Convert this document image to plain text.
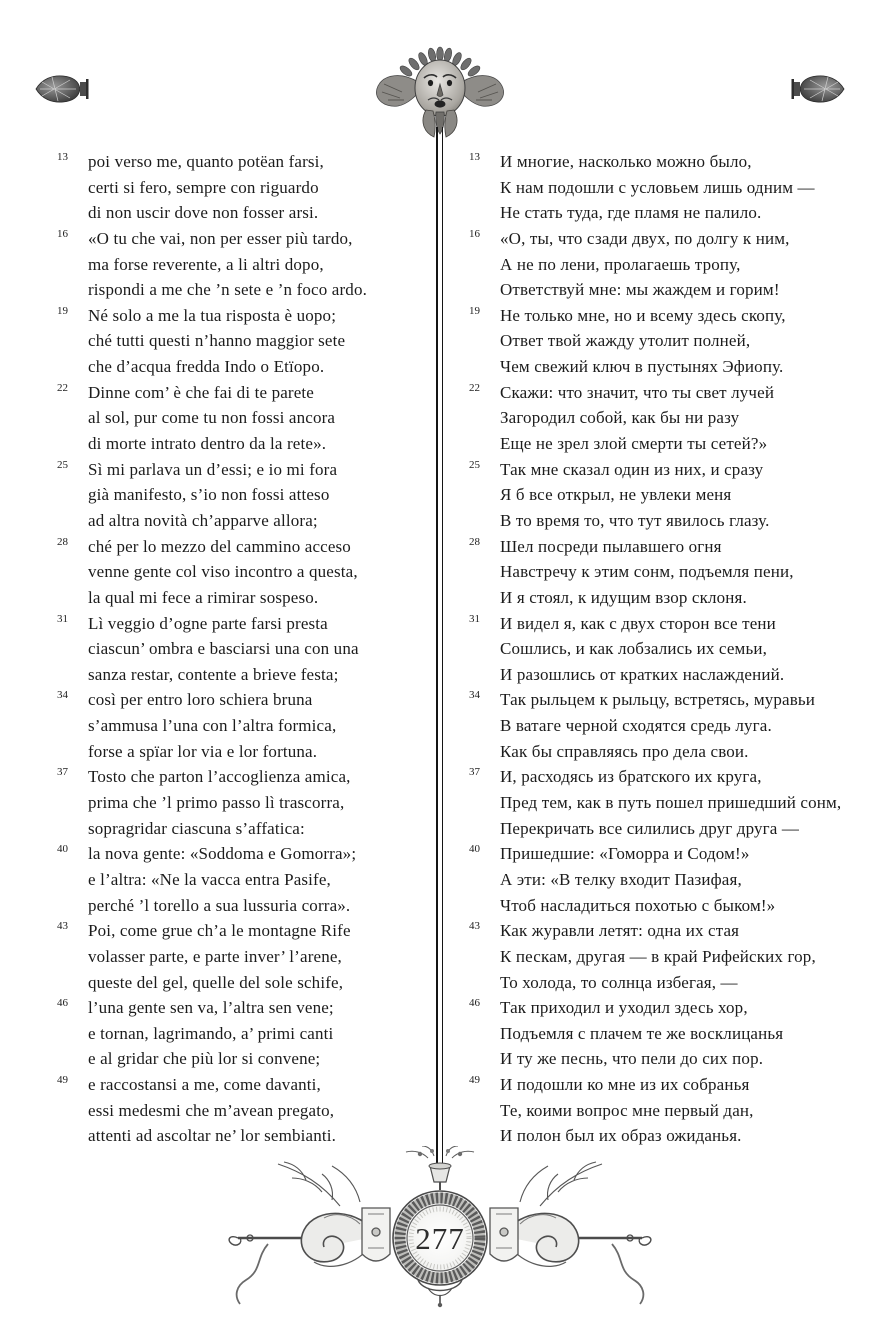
13 poi verso me, quanto potëan farsi,
certi si fero, sempre con riguardo
di non uscir dove non fosser arsi.
16 «O tu che vai, non per esser più tardo,
ma forse reverente, a li altri dopo,
rispondi a me che ’n sete e ’n foco ardo.
19 Né solo a me la tua risposta è uopo;
ché tutti questi n’hanno maggior sete
che d’acqua fredda Indo o Etïopo.
22 Dinne com’ è che fai di te parete
al sol, pur come tu non fossi ancora
di morte intrato dentro da la rete».
25 Sì mi parlava un d’essi; e io mi fora
già manifesto, s’io non fossi atteso
ad altra novità ch’apparve allora;
28 ché per lo mezzo del cammino acceso
venne gente col viso incontro a questa,
la qual mi fece a rimirar sospeso.
31 Lì veggio d’ogne parte farsi presta
ciascun’ ombra e basciarsi una con una
sanza restar, contente a brieve festa;
34 così per entro loro schiera bruna
s’ammusa l’una con l’altra formica,
forse a spïar lor via e lor fortuna.
37 Tosto che parton l’accoglienza amica,
prima che ’l primo passo lì trascorra,
sopragridar ciascuna s’affatica:
40 la nova gente: «Soddoma e Gomorra»;
e l’altra: «Ne la vacca entra Pasife,
perché ’l torello a sua lussuria corra».
43 Poi, come grue ch’a le montagne Rife
volasser parte, e parte inver’ l’arene,
queste del gel, quelle del sole schife,
46 l’una gente sen va, l’altra sen vene;
e tornan, lagrimando, a’ primi canti
e al gridar che più lor si convene;
49 e raccostansi a me, come davanti,
essi medesmi che m’avean pregato,
attenti ad ascoltar ne’ lor sembianti.
13 И многие, насколько можно было,
К нам подошли с условьем лишь одним —
Не стать туда, где пламя не палило.
16 «О, ты, что сзади двух, по долгу к ним,
А не по лени, пролагаешь тропу,
Ответствуй мне: мы жаждем и горим!
19 Не только мне, но и всему здесь скопу,
Ответ твой жажду утолит полней,
Чем свежий ключ в пустынях Эфиопу.
22 Скажи: что значит, что ты свет лучей
Загородил собой, как бы ни разу
Еще не зрел злой смерти ты сетей?»
25 Так мне сказал один из них, и сразу
Я б все открыл, не увлеки меня
В то время то, что тут явилось глазу.
28 Шел посреди пылавшего огня
Навстречу к этим сонм, подъемля пени,
И я стоял, к идущим взор склоня.
31 И видел я, как с двух сторон все тени
Сошлись, и как лобзались их семьи,
И разошлись от кратких наслаждений.
34 Так рыльцем к рыльцу, встретясь, муравьи
В ватаге черной сходятся средь луга.
Как бы справляясь про дела свои.
37 И, расходясь из братского их круга,
Пред тем, как в путь пошел пришедший сонм,
Перекричать все силились друг друга —
40 Пришедшие: «Гоморра и Содом!»
А эти: «В телку входит Пазифая,
Чтоб насладиться похотью с быком!»
43 Как журавли летят: одна их стая
К пескам, другая — в край Рифейских гор,
То холода, то солнца избегая, —
46 Так приходил и уходил здесь хор,
Подъемля с плачем те же восклицанья
И ту же песнь, что пели до сих пор.
49 И подошли ко мне из их собранья
Те, коими вопрос мне первый дан,
И полон был их образ ожиданья.
277
